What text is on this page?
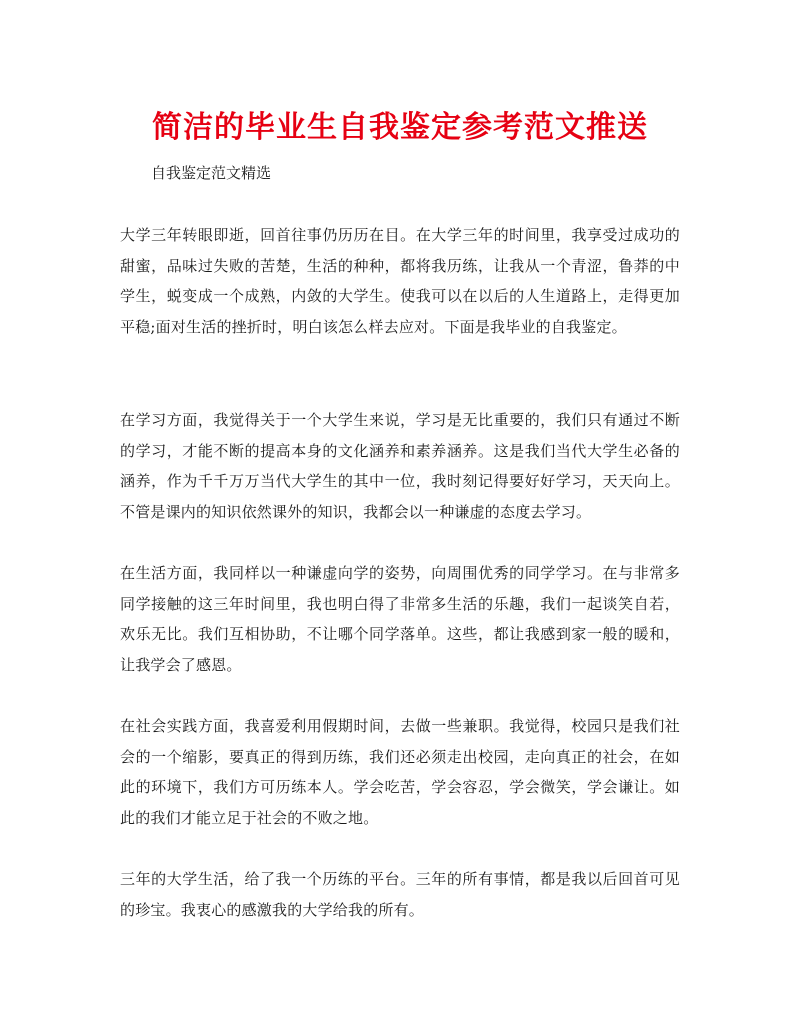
简洁的毕业生自我鉴定参考范文推送
自我鉴定范文精选
大学三年转眼即逝，回首往事仍历历在目。在大学三年的时间里，我享受过成功的甜蜜，品味过失败的苦楚，生活的种种，都将我历练，让我从一个青涩，鲁莽的中学生，蜕变成一个成熟，内敛的大学生。使我可以在以后的人生道路上，走得更加平稳;面对生活的挫折时，明白该怎么样去应对。下面是我毕业的自我鉴定。
在学习方面，我觉得关于一个大学生来说，学习是无比重要的，我们只有通过不断的学习，才能不断的提高本身的文化涵养和素养涵养。这是我们当代大学生必备的涵养，作为千千万万当代大学生的其中一位，我时刻记得要好好学习，天天向上。不管是课内的知识依然课外的知识，我都会以一种谦虚的态度去学习。
在生活方面，我同样以一种谦虚向学的姿势，向周围优秀的同学学习。在与非常多同学接触的这三年时间里，我也明白得了非常多生活的乐趣，我们一起谈笑自若，欢乐无比。我们互相协助，不让哪个同学落单。这些，都让我感到家一般的暖和，让我学会了感恩。
在社会实践方面，我喜爱利用假期时间，去做一些兼职。我觉得，校园只是我们社会的一个缩影，要真正的得到历练，我们还必须走出校园，走向真正的社会，在如此的环境下，我们方可历练本人。学会吃苦，学会容忍，学会微笑，学会谦让。如此的我们才能立足于社会的不败之地。
三年的大学生活，给了我一个历练的平台。三年的所有事情，都是我以后回首可见的珍宝。我衷心的感激我的大学给我的所有。
